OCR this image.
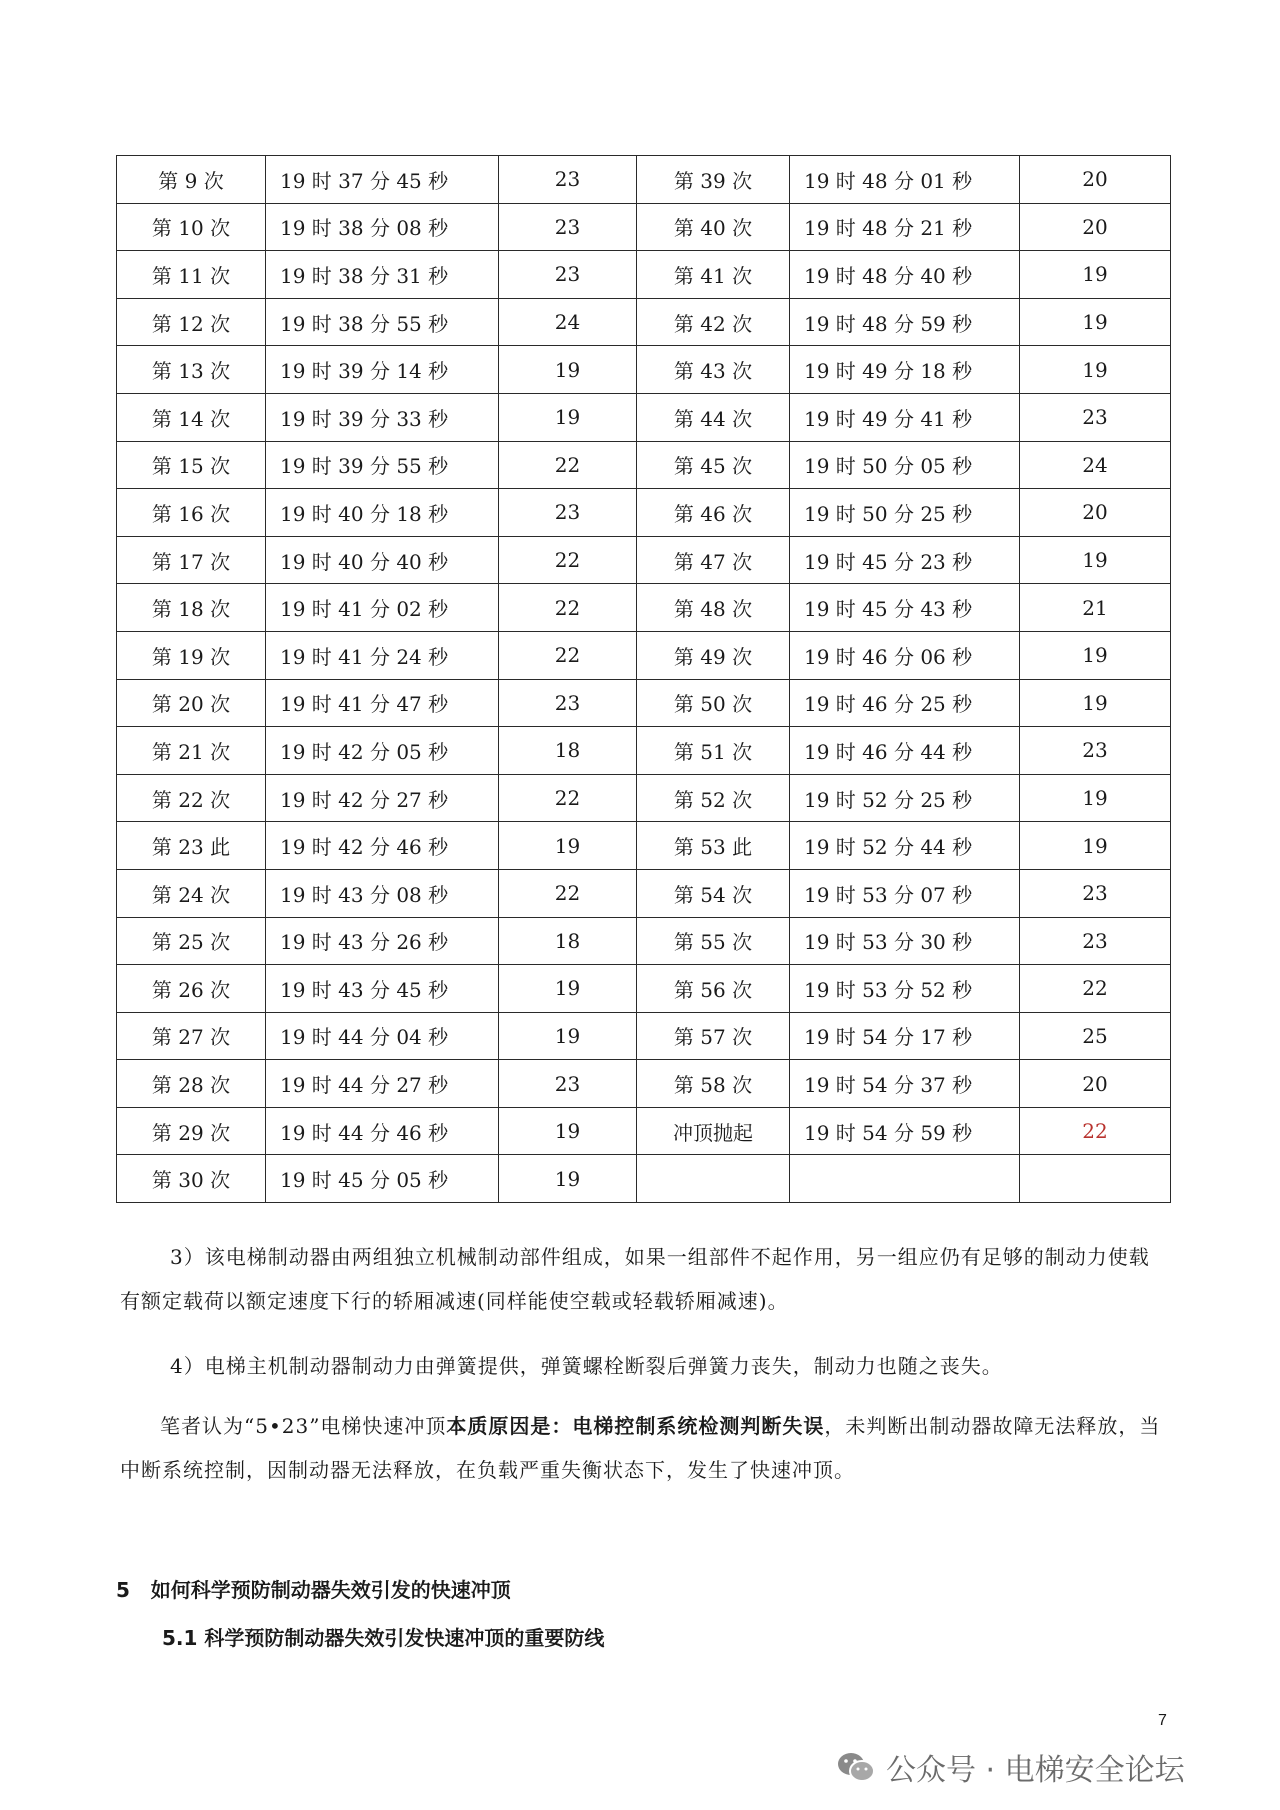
第 9 次	19 时 37 分 45 秒	23	第 39 次	19 时 48 分 01 秒	20
第 10 次	19 时 38 分 08 秒	23	第 40 次	19 时 48 分 21 秒	20
第 11 次	19 时 38 分 31 秒	23	第 41 次	19 时 48 分 40 秒	19
第 12 次	19 时 38 分 55 秒	24	第 42 次	19 时 48 分 59 秒	19
第 13 次	19 时 39 分 14 秒	19	第 43 次	19 时 49 分 18 秒	19
第 14 次	19 时 39 分 33 秒	19	第 44 次	19 时 49 分 41 秒	23
第 15 次	19 时 39 分 55 秒	22	第 45 次	19 时 50 分 05 秒	24
第 16 次	19 时 40 分 18 秒	23	第 46 次	19 时 50 分 25 秒	20
第 17 次	19 时 40 分 40 秒	22	第 47 次	19 时 45 分 23 秒	19
第 18 次	19 时 41 分 02 秒	22	第 48 次	19 时 45 分 43 秒	21
第 19 次	19 时 41 分 24 秒	22	第 49 次	19 时 46 分 06 秒	19
第 20 次	19 时 41 分 47 秒	23	第 50 次	19 时 46 分 25 秒	19
第 21 次	19 时 42 分 05 秒	18	第 51 次	19 时 46 分 44 秒	23
第 22 次	19 时 42 分 27 秒	22	第 52 次	19 时 52 分 25 秒	19
第 23 此	19 时 42 分 46 秒	19	第 53 此	19 时 52 分 44 秒	19
第 24 次	19 时 43 分 08 秒	22	第 54 次	19 时 53 分 07 秒	23
第 25 次	19 时 43 分 26 秒	18	第 55 次	19 时 53 分 30 秒	23
第 26 次	19 时 43 分 45 秒	19	第 56 次	19 时 53 分 52 秒	22
第 27 次	19 时 44 分 04 秒	19	第 57 次	19 时 54 分 17 秒	25
第 28 次	19 时 44 分 27 秒	23	第 58 次	19 时 54 分 37 秒	20
第 29 次	19 时 44 分 46 秒	19	冲顶抛起	19 时 54 分 59 秒	22
第 30 次	19 时 45 分 05 秒	19			

3）该电梯制动器由两组独立机械制动部件组成，如果一组部件不起作用，另一组应仍有足够的制动力使载有额定载荷以额定速度下行的轿厢减速(同样能使空载或轻载轿厢减速)。

4）电梯主机制动器制动力由弹簧提供，弹簧螺栓断裂后弹簧力丧失，制动力也随之丧失。

笔者认为“5•23”电梯快速冲顶本质原因是：电梯控制系统检测判断失误，未判断出制动器故障无法释放，当中断系统控制，因制动器无法释放，在负载严重失衡状态下，发生了快速冲顶。

5   如何科学预防制动器失效引发的快速冲顶
5.1 科学预防制动器失效引发快速冲顶的重要防线
7
公众号 · 电梯安全论坛
